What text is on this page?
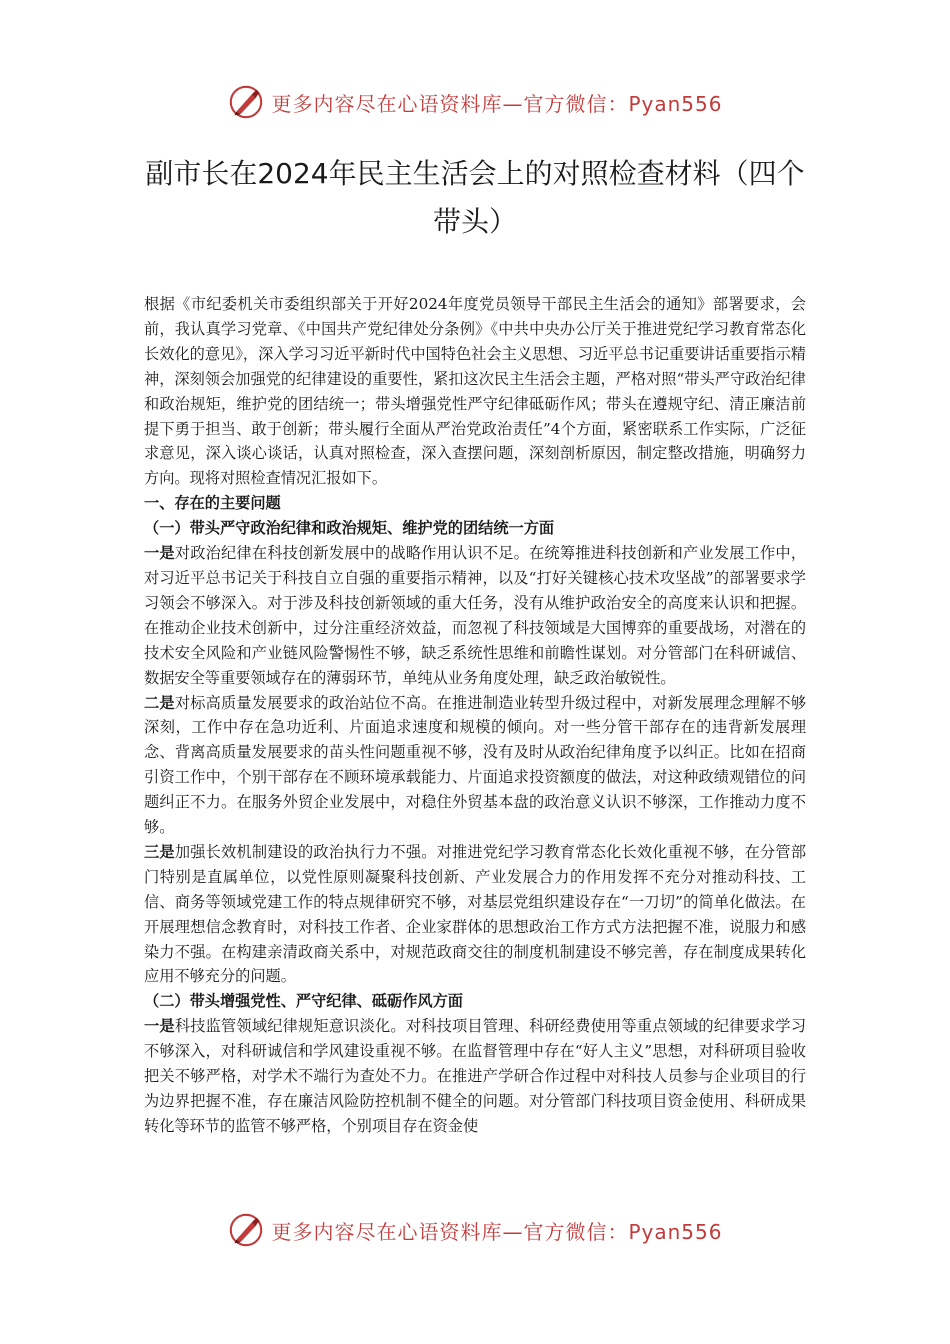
更多内容尽在心语资料库—官方微信：Pyan556
副市长在2024年民主生活会上的对照检查材料（四个带头）

根据《市纪委机关市委组织部关于开好2024年度党员领导干部民主生活会的通知》部署要求，会前，我认真学习党章、《中国共产党纪律处分条例》《中共中央办公厅关于推进党纪学习教育常态化长效化的意见》，深入学习习近平新时代中国特色社会主义思想、习近平总书记重要讲话重要指示精神，深刻领会加强党的纪律建设的重要性，紧扣这次民主生活会主题，严格对照“带头严守政治纪律和政治规矩，维护党的团结统一；带头增强党性严守纪律砥砺作风；带头在遵规守纪、清正廉洁前提下勇于担当、敢于创新；带头履行全面从严治党政治责任”4个方面，紧密联系工作实际，广泛征求意见，深入谈心谈话，认真对照检查，深入查摆问题，深刻剖析原因，制定整改措施，明确努力方向。现将对照检查情况汇报如下。

一、存在的主要问题

（一）带头严守政治纪律和政治规矩、维护党的团结统一方面

一是对政治纪律在科技创新发展中的战略作用认识不足。在统筹推进科技创新和产业发展工作中，对习近平总书记关于科技自立自强的重要指示精神，以及“打好关键核心技术攻坚战”的部署要求学习领会不够深入。对于涉及科技创新领域的重大任务，没有从维护政治安全的高度来认识和把握。在推动企业技术创新中，过分注重经济效益，而忽视了科技领域是大国博弈的重要战场，对潜在的技术安全风险和产业链风险警惕性不够，缺乏系统性思维和前瞻性谋划。对分管部门在科研诚信、数据安全等重要领域存在的薄弱环节，单纯从业务角度处理，缺乏政治敏锐性。

二是对标高质量发展要求的政治站位不高。在推进制造业转型升级过程中，对新发展理念理解不够深刻，工作中存在急功近利、片面追求速度和规模的倾向。对一些分管干部存在的违背新发展理念、背离高质量发展要求的苗头性问题重视不够，没有及时从政治纪律角度予以纠正。比如在招商引资工作中，个别干部存在不顾环境承载能力、片面追求投资额度的做法，对这种政绩观错位的问题纠正不力。在服务外贸企业发展中，对稳住外贸基本盘的政治意义认识不够深，工作推动力度不够。

三是加强长效机制建设的政治执行力不强。对推进党纪学习教育常态化长效化重视不够，在分管部门特别是直属单位，以党性原则凝聚科技创新、产业发展合力的作用发挥不充分对推动科技、工信、商务等领域党建工作的特点规律研究不够，对基层党组织建设存在“一刀切”的简单化做法。在开展理想信念教育时，对科技工作者、企业家群体的思想政治工作方式方法把握不准，说服力和感染力不强。在构建亲清政商关系中，对规范政商交往的制度机制建设不够完善，存在制度成果转化应用不够充分的问题。

（二）带头增强党性、严守纪律、砥砺作风方面

一是科技监管领域纪律规矩意识淡化。对科技项目管理、科研经费使用等重点领域的纪律要求学习不够深入，对科研诚信和学风建设重视不够。在监督管理中存在“好人主义”思想，对科研项目验收把关不够严格，对学术不端行为查处不力。在推进产学研合作过程中对科技人员参与企业项目的行为边界把握不准，存在廉洁风险防控机制不健全的问题。对分管部门科技项目资金使用、科研成果转化等环节的监管不够严格，个别项目存在资金使

更多内容尽在心语资料库—官方微信：Pyan556
